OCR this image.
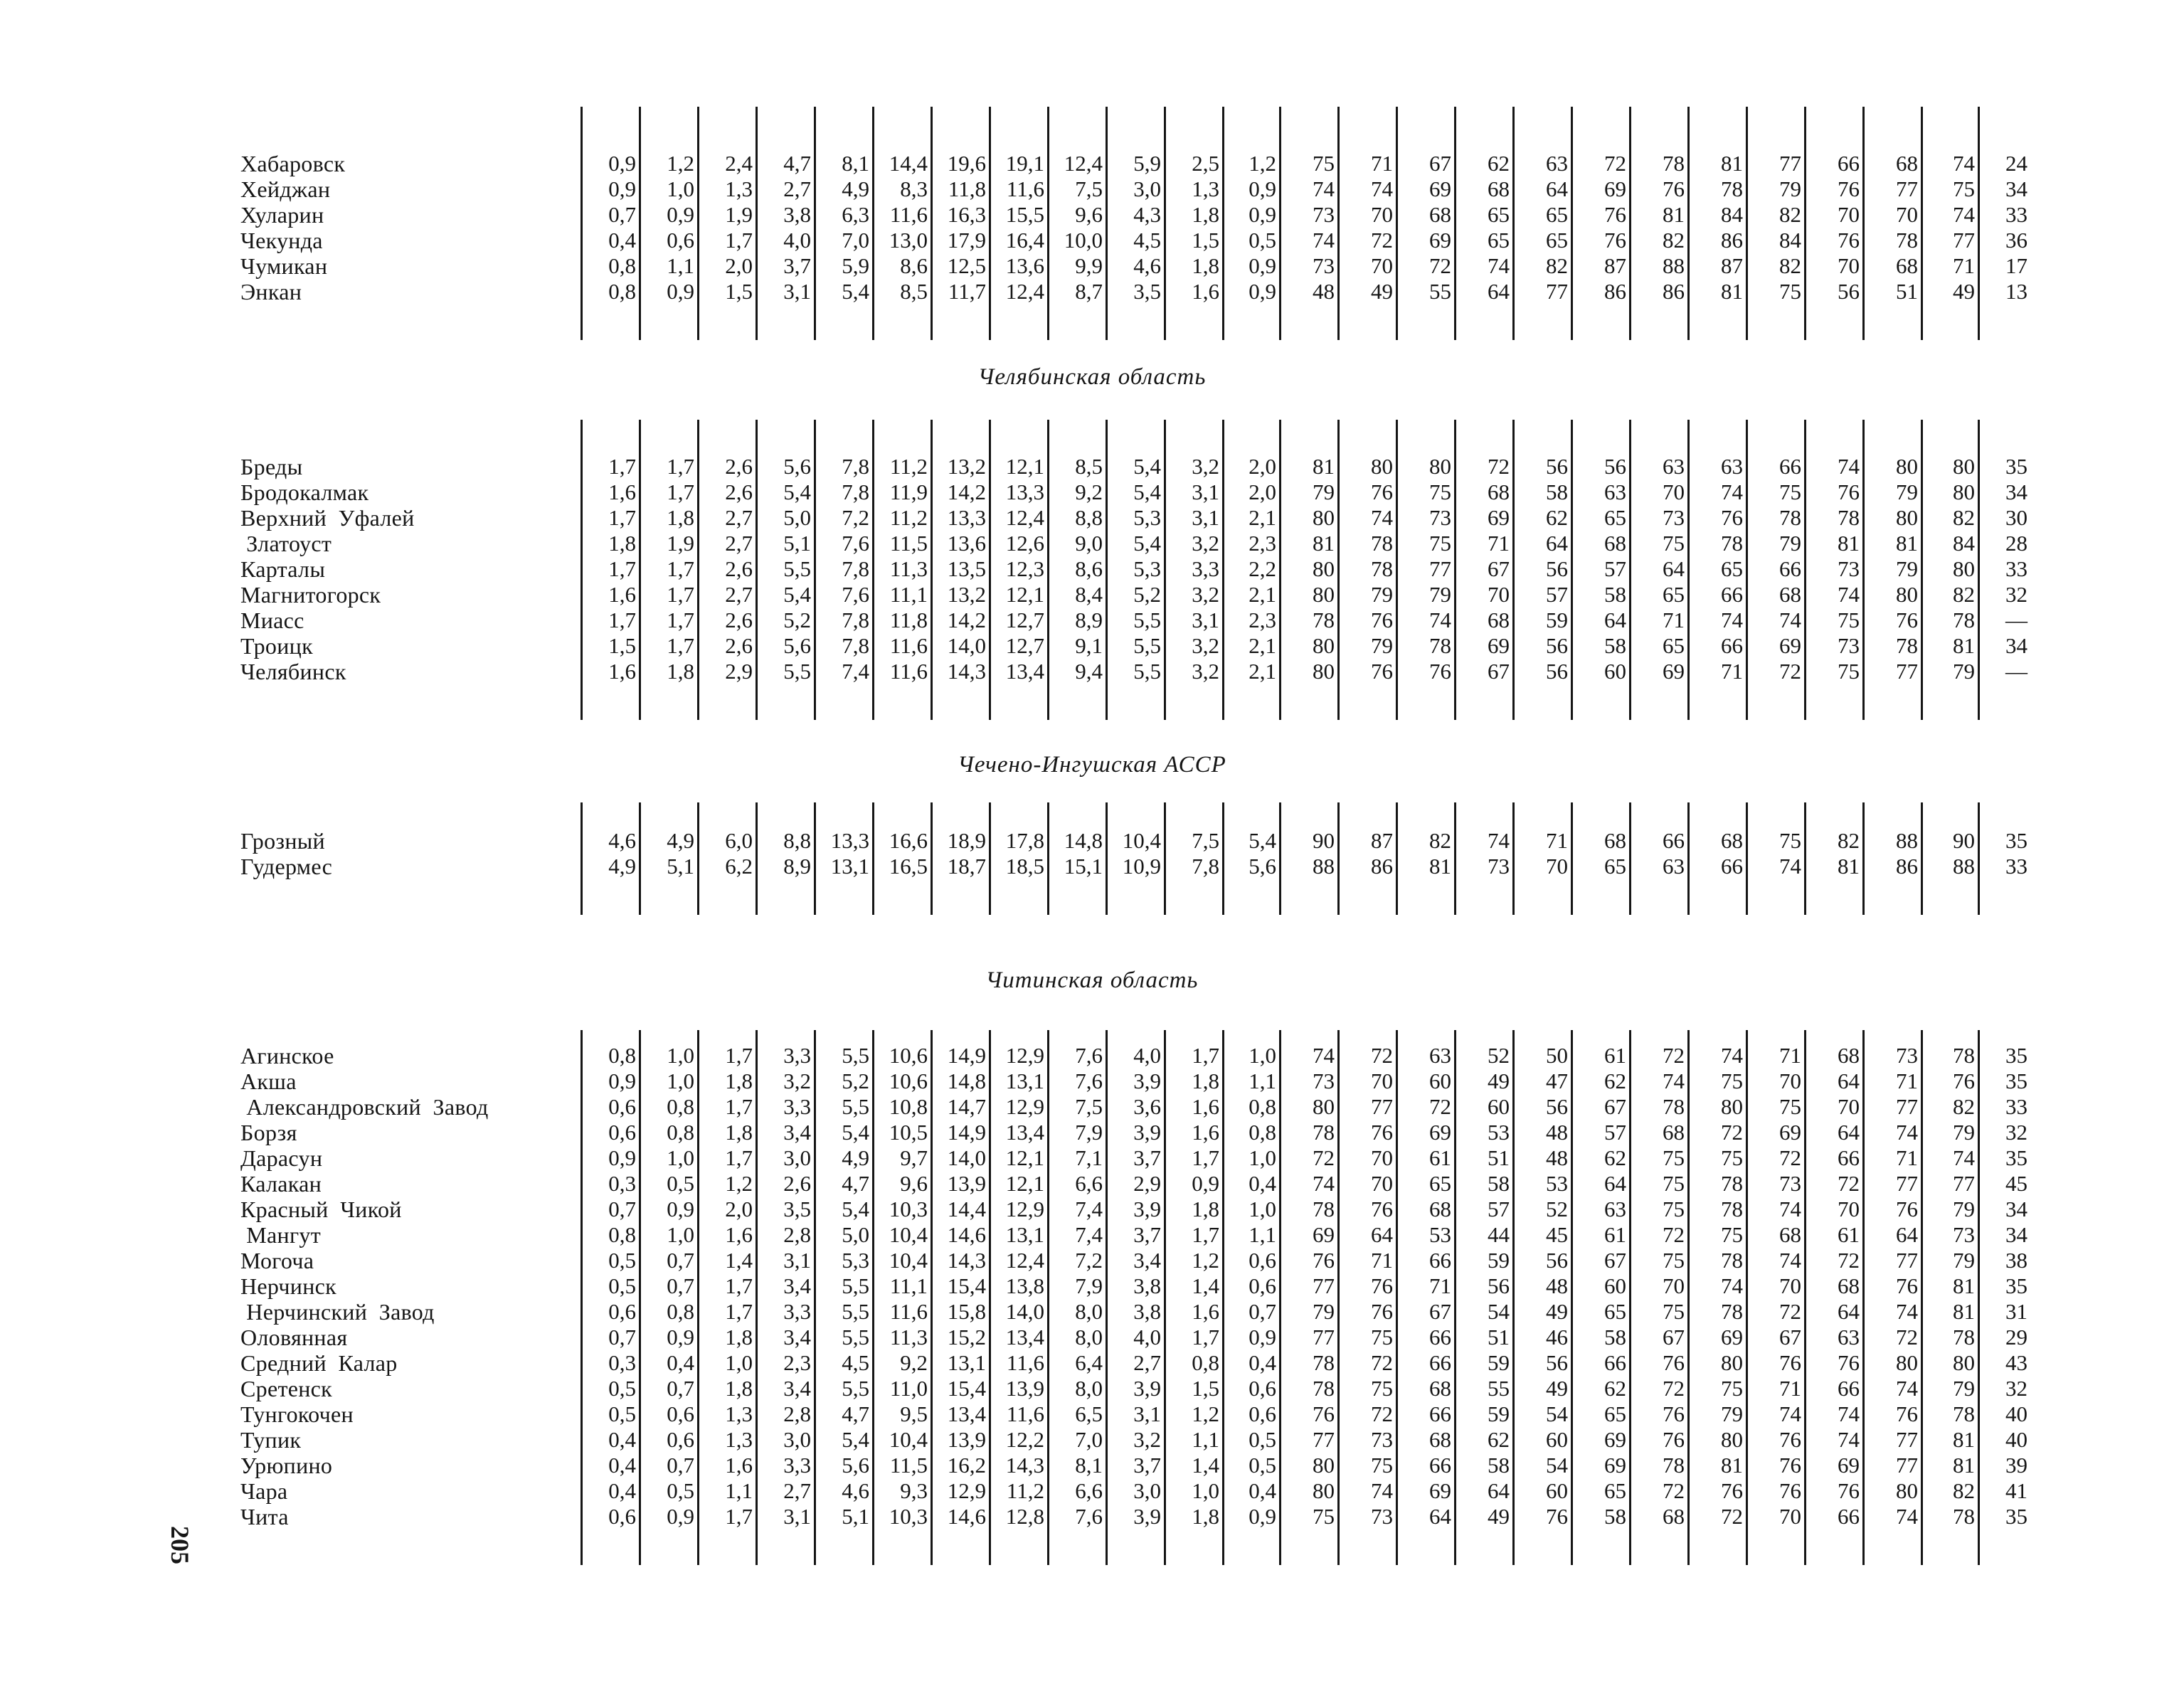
Хабаровск	0,9	1,2	2,4	4,7	8,1 14,4 19,6 19,1 12,4	5,9	2,5	1,2	75	71	67	62	63	72	78	81	77	66	68	74	24
Хейджан	0,9	1,0	1,3	2,7	4,9	8,3 11,8 11,6	7,5	3,0	1,3	0,9	74	74	69	68	64	69	76	78	79	76	77	75	34
Хуларин	0,7	0,9	1,9	3,8	6,3 11,6 16,3 15,5	9,6	4,3	1,8	0,9	73	70	68	65	65	76	81	84	82	70	70	74	33
Чекунда	0,4	0,6	1,7	4,0	7,0 13,0 17,9 16,4 10,0	4,5	1,5	0,5	74	72	69	65	65	76	82	86	84	76	78	77	36
Чумикан	0,8	1,1	2,0	3,7	5,9	8,6 12,5 13,6	9,9	4,6	1,8	0,9	73	70	72	74	82	87	88	87	82	70	68	71	17
Энкан	0,8	0,9	1,5	3,1	5,4	8,5 11,7 12,4	8,7	3,5	1,6	0,9	48	49	55	64	77	86	86	81	75	56	51	49	13
Бреды	1,7	1,7	2,6	5,6	7,8 11,2 13,2 12,1	8,5	5,4	3,2	2,0	81	80	80	72	56	56	63	63	66	74	80	80	35
Бродокалмак	1,6	1,7	2,6	5,4	7,8 11,9 14,2 13,3	9,2	5,4	3,1	2,0	79	76	75	68	58	63	70	74	75	76	79	80	34
Верхний  Уфалей	1,7	1,8	2,7	5,0	7,2 11,2 13,3 12,4	8,8	5,3	3,1	2,1	80	74	73	69	62	65	73	76	78	78	80	82	30
Златоуст	1,8	1,9	2,7	5,1	7,6 11,5 13,6 12,6	9,0	5,4	3,2	2,3	81	78	75	71	64	68	75	78	79	81	81	84	28
Карталы	1,7	1,7	2,6	5,5	7,8 11,3 13,5 12,3	8,6	5,3	3,3	2,2	80	78	77	67	56	57	64	65	66	73	79	80	33
Магнитогорск	1,6	1,7	2,7	5,4	7,6 11,1 13,2 12,1	8,4	5,2	3,2	2,1	80	79	79	70	57	58	65	66	68	74	80	82	32
Миасс	1,7	1,7	2,6	5,2	7,8 11,8 14,2 12,7	8,9	5,5	3,1	2,3	78	76	74	68	59	64	71	74	74	75	76	78	—
Троицк	1,5	1,7	2,6	5,6	7,8 11,6 14,0 12,7	9,1	5,5	3,2	2,1	80	79	78	69	56	58	65	66	69	73	78	81	34
Челябинск	1,6	1,8	2,9	5,5	7,4 11,6 14,3 13,4	9,4	5,5	3,2	2,1	80	76	76	67	56	60	69	71	72	75	77	79	—
Грозный	4,6	4,9	6,0	8,8 13,3 16,6 18,9 17,8 14,8 10,4	7,5	5,4	90	87	82	74	71	68	66	68	75	82	88	90	35
Гудермес	4,9	5,1	6,2	8,9 13,1 16,5 18,7 18,5 15,1 10,9	7,8	5,6	88	86	81	73	70	65	63	66	74	81	86	88	33
Агинское	0,8	1,0	1,7	3,3	5,5 10,6 14,9 12,9	7,6	4,0	1,7	1,0	74	72	63	52	50	61	72	74	71	68	73	78	35
Акша	0,9	1,0	1,8	3,2	5,2 10,6 14,8 13,1	7,6	3,9	1,8	1,1	73	70	60	49	47	62	74	75	70	64	71	76	35
Александровский  Завод	0,6	0,8	1,7	3,3	5,5 10,8 14,7 12,9	7,5	3,6	1,6	0,8	80	77	72	60	56	67	78	80	75	70	77	82	33
Борзя	0,6	0,8	1,8	3,4	5,4 10,5 14,9 13,4	7,9	3,9	1,6	0,8	78	76	69	53	48	57	68	72	69	64	74	79	32
Дарасун	0,9	1,0	1,7	3,0	4,9	9,7 14,0 12,1	7,1	3,7	1,7	1,0	72	70	61	51	48	62	75	75	72	66	71	74	35
Калакан	0,3	0,5	1,2	2,6	4,7	9,6 13,9 12,1	6,6	2,9	0,9	0,4	74	70	65	58	53	64	75	78	73	72	77	77	45
Красный  Чикой	0,7	0,9	2,0	3,5	5,4 10,3 14,4 12,9	7,4	3,9	1,8	1,0	78	76	68	57	52	63	75	78	74	70	76	79	34
Мангут	0,8	1,0	1,6	2,8	5,0 10,4 14,6 13,1	7,4	3,7	1,7	1,1	69	64	53	44	45	61	72	75	68	61	64	73	34
Могоча	0,5	0,7	1,4	3,1	5,3 10,4 14,3 12,4	7,2	3,4	1,2	0,6	76	71	66	59	56	67	75	78	74	72	77	79	38
Нерчинск	0,5	0,7	1,7	3,4	5,5 11,1 15,4 13,8	7,9	3,8	1,4	0,6	77	76	71	56	48	60	70	74	70	68	76	81	35
Нерчинский  Завод	0,6	0,8	1,7	3,3	5,5 11,6 15,8 14,0	8,0	3,8	1,6	0,7	79	76	67	54	49	65	75	78	72	64	74	81	31
Оловянная	0,7	0,9	1,8	3,4	5,5 11,3 15,2 13,4	8,0	4,0	1,7	0,9	77	75	66	51	46	58	67	69	67	63	72	78	29
Средний  Калар	0,3	0,4	1,0	2,3	4,5	9,2 13,1 11,6	6,4	2,7	0,8	0,4	78	72	66	59	56	66	76	80	76	76	80	80	43
Сретенск	0,5	0,7	1,8	3,4	5,5 11,0 15,4 13,9	8,0	3,9	1,5	0,6	78	75	68	55	49	62	72	75	71	66	74	79	32
Тунгокочен	0,5	0,6	1,3	2,8	4,7	9,5 13,4 11,6	6,5	3,1	1,2	0,6	76	72	66	59	54	65	76	79	74	74	76	78	40
Тупик	0,4	0,6	1,3	3,0	5,4 10,4 13,9 12,2	7,0	3,2	1,1	0,5	77	73	68	62	60	69	76	80	76	74	77	81	40
Урюпино	0,4	0,7	1,6	3,3	5,6 11,5 16,2 14,3	8,1	3,7	1,4	0,5	80	75	66	58	54	69	78	81	76	69	77	81	39
Чара	0,4	0,5	1,1	2,7	4,6	9,3 12,9 11,2	6,6	3,0	1,0	0,4	80	74	69	64	60	65	72	76	76	76	80	82	41
Чита	0,6	0,9	1,7	3,1	5,1 10,3 14,6 12,8	7,6	3,9	1,8	0,9	75	73	64	49	76	58	68	72	70	66	74	78	35
205
Челябинская область
Чечено-Ингушская АССР
Читинская область
